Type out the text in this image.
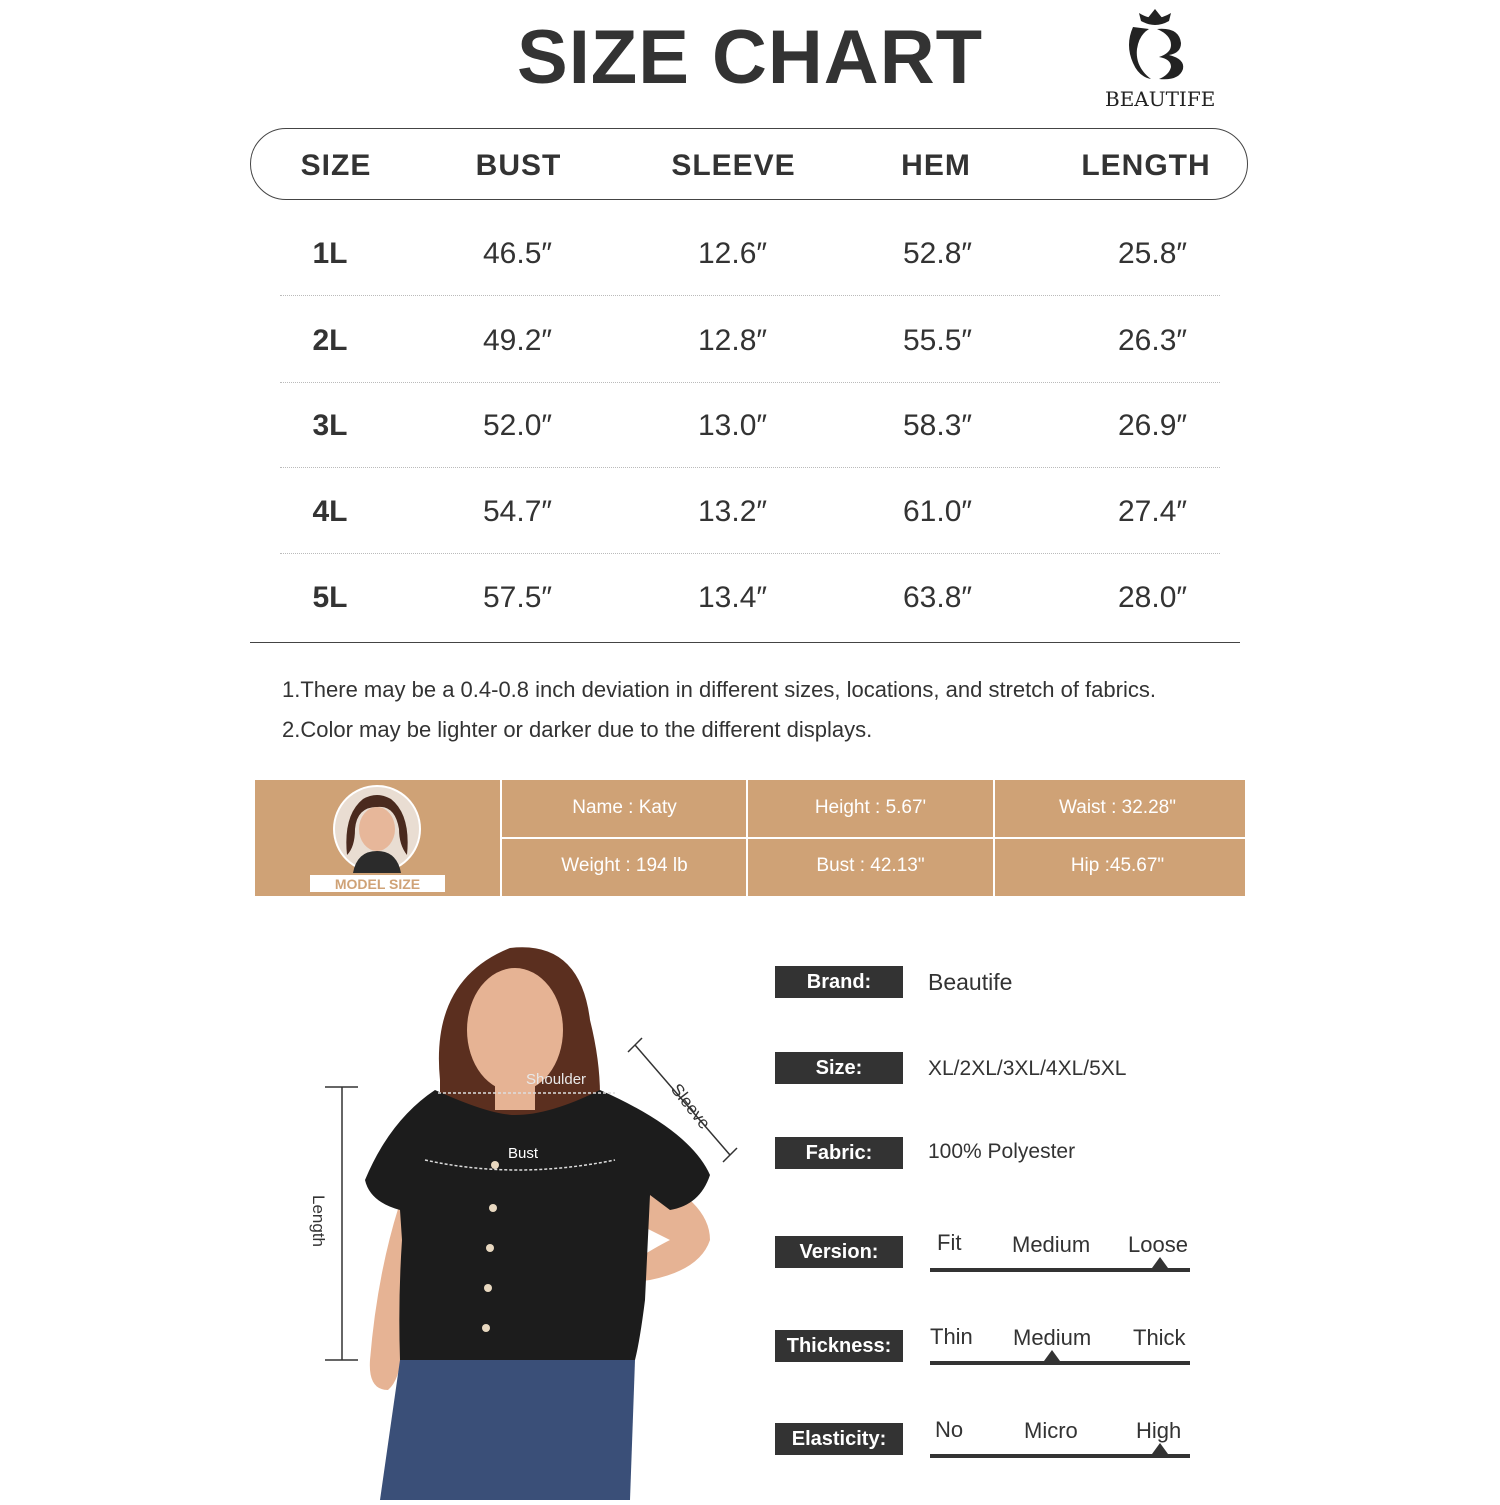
SIZE CHART	BEAUTIFE
SIZE	BUST	SLEEVE	HEM	LENGTH
1L	46.5″	12.6″	52.8″	25.8″
2L	49.2″	12.8″	55.5″	26.3″
3L	52.0″	13.0″	58.3″	26.9″
4L	54.7″	13.2″	61.0″	27.4″
5L	57.5″	13.4″	63.8″	28.0″
1.There may be a 0.4-0.8 inch deviation in different sizes, locations, and stretch of fabrics.
2.Color may be lighter or darker due to the different displays.
MODEL SIZE
Name : Katy	Height : 5.67'	Waist : 32.28"
Weight : 194 lb	Bust : 42.13"	Hip :45.67"
Shoulder
Bust
Sleeve
Length
Brand:	Beautife
Size:	XL/2XL/3XL/4XL/5XL
Fabric:	100% Polyester
Version:	Fit Medium Loose
Thickness:	Thin Medium Thick
Elasticity:	No	Micro	High
